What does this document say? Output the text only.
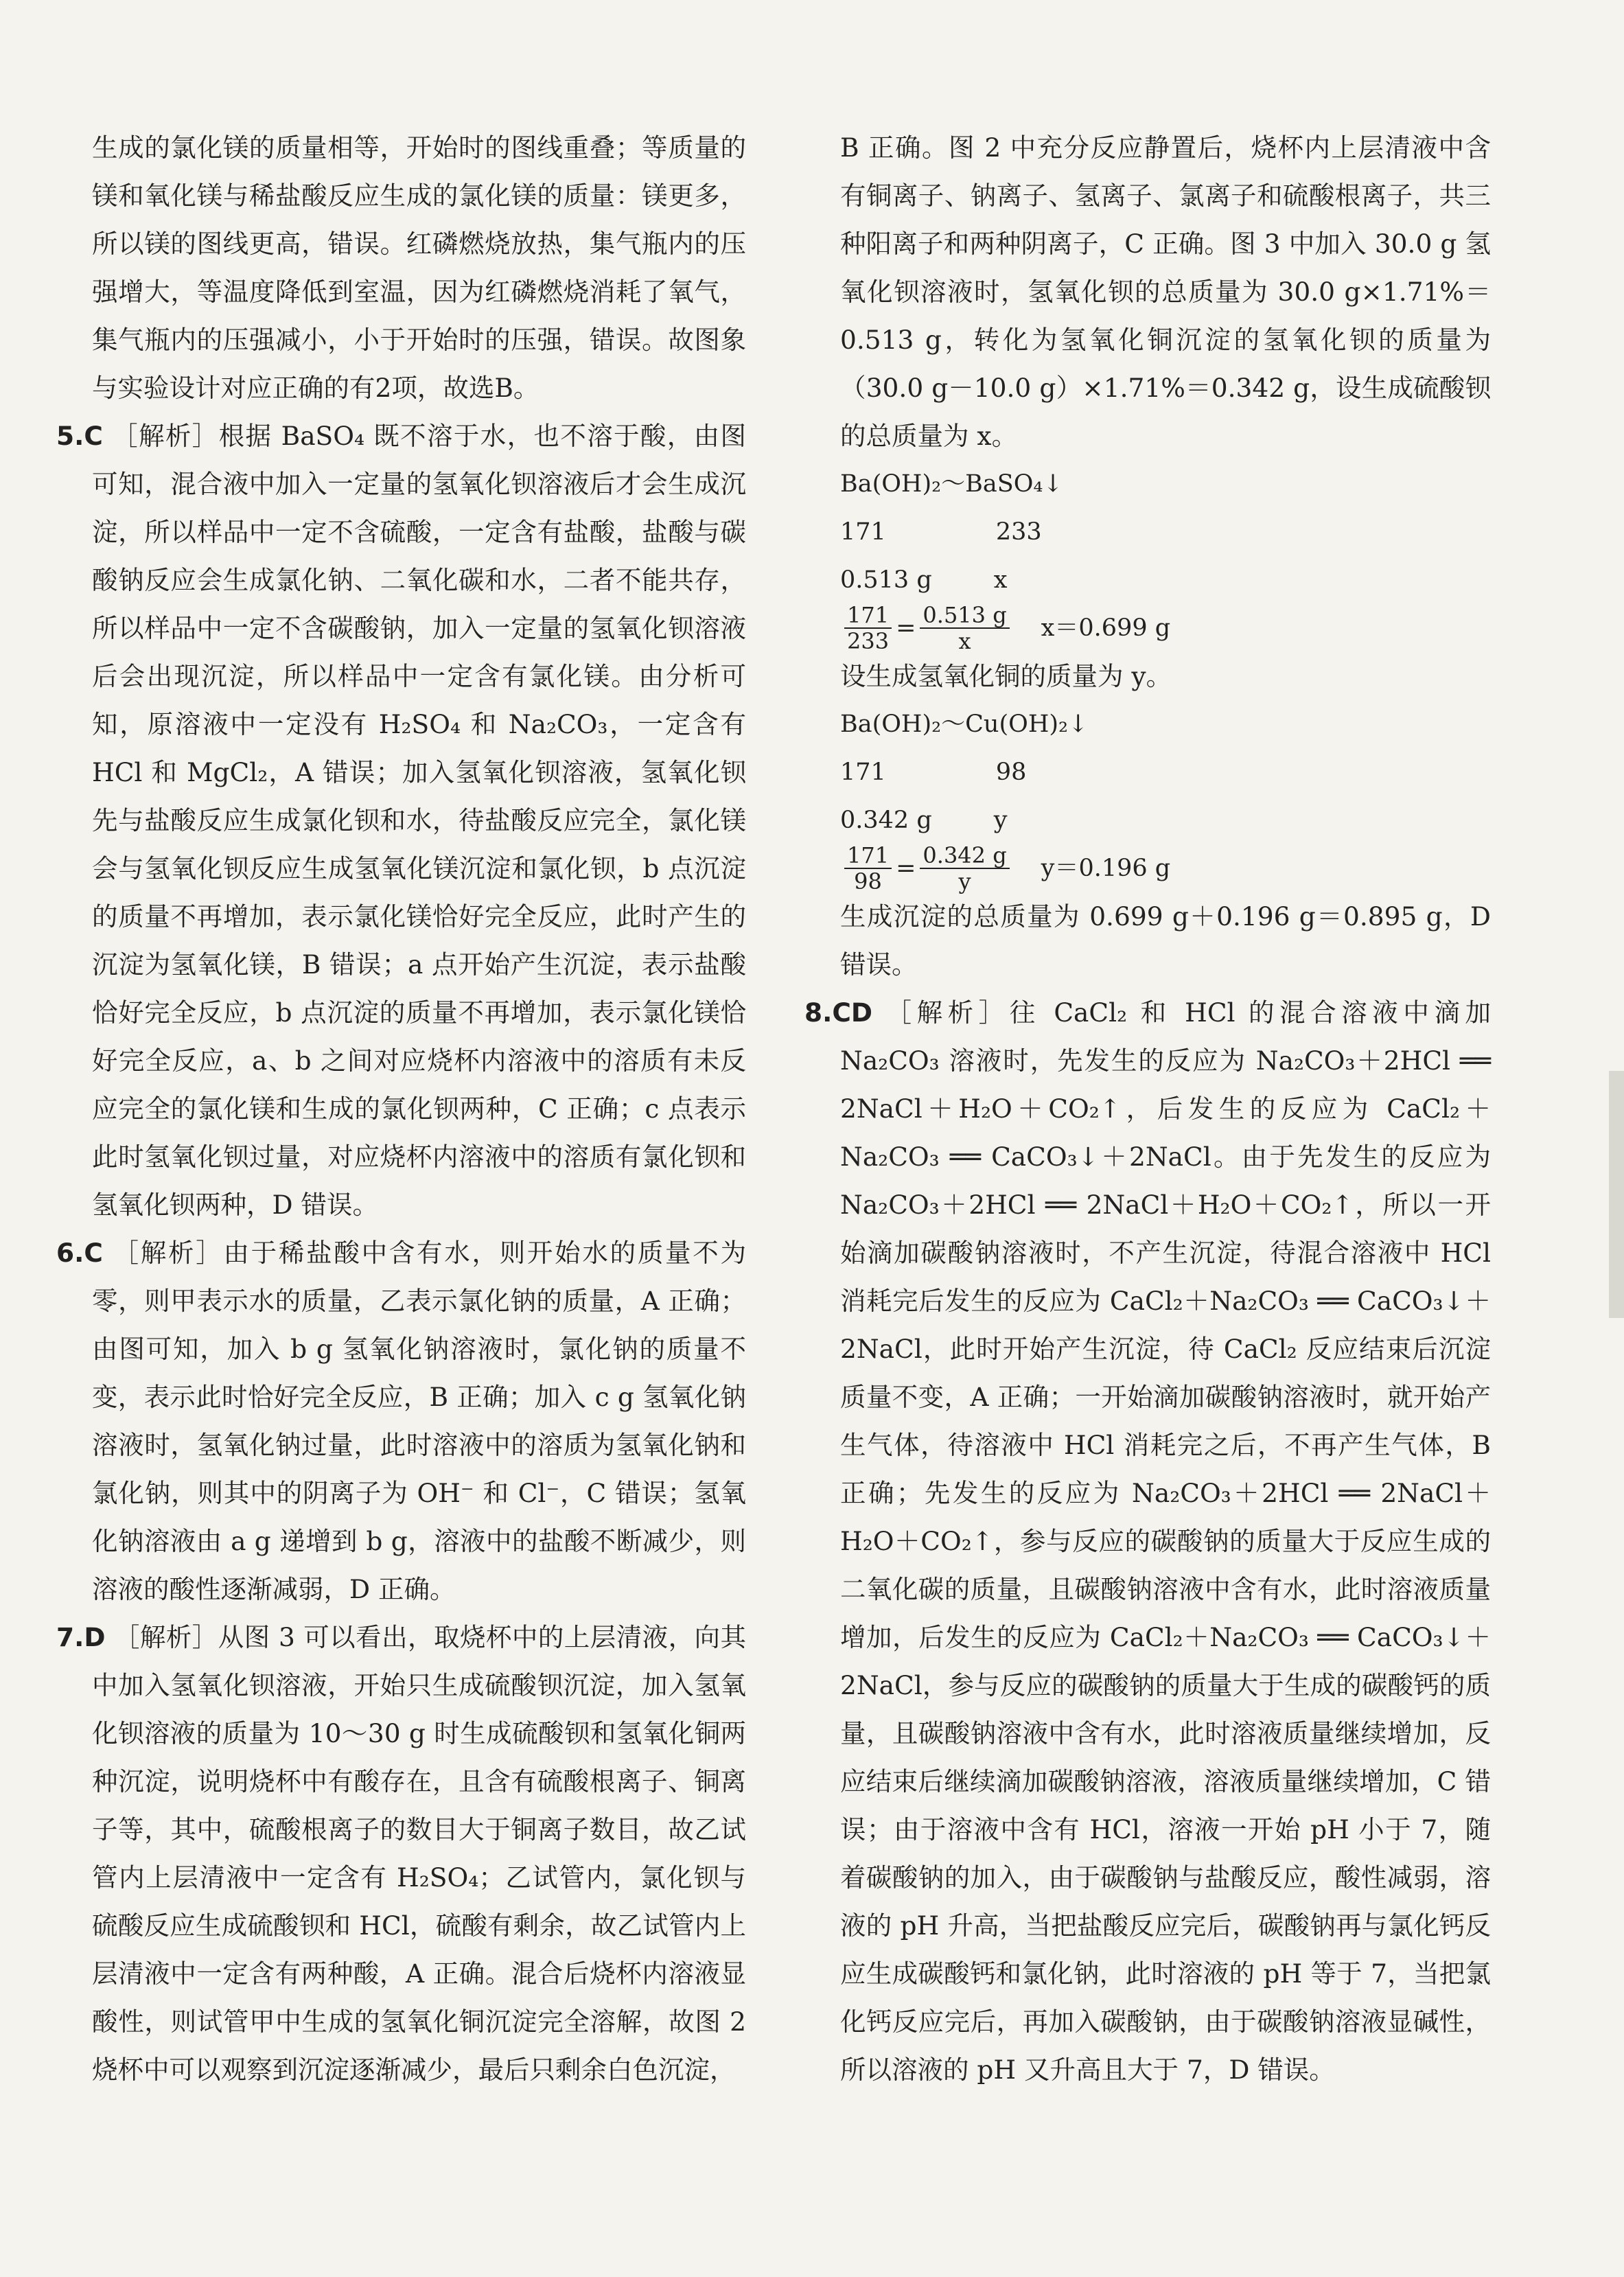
生成的氯化镁的质量相等，开始时的图线重叠；等质量的镁和氧化镁与稀盐酸反应生成的氯化镁的质量：镁更多，所以镁的图线更高，错误。红磷燃烧放热，集气瓶内的压强增大，等温度降低到室温，因为红磷燃烧消耗了氧气，集气瓶内的压强减小，小于开始时的压强，错误。故图象与实验设计对应正确的有2项，故选B。

5.C ［解析］根据 BaSO₄ 既不溶于水，也不溶于酸，由图可知，混合液中加入一定量的氢氧化钡溶液后才会生成沉淀，所以样品中一定不含硫酸，一定含有盐酸，盐酸与碳酸钠反应会生成氯化钠、二氧化碳和水，二者不能共存，所以样品中一定不含碳酸钠，加入一定量的氢氧化钡溶液后会出现沉淀，所以样品中一定含有氯化镁。由分析可知，原溶液中一定没有 H₂SO₄ 和 Na₂CO₃，一定含有 HCl 和 MgCl₂，A 错误；加入氢氧化钡溶液，氢氧化钡先与盐酸反应生成氯化钡和水，待盐酸反应完全，氯化镁会与氢氧化钡反应生成氢氧化镁沉淀和氯化钡，b 点沉淀的质量不再增加，表示氯化镁恰好完全反应，此时产生的沉淀为氢氧化镁，B 错误；a 点开始产生沉淀，表示盐酸恰好完全反应，b 点沉淀的质量不再增加，表示氯化镁恰好完全反应，a、b 之间对应烧杯内溶液中的溶质有未反应完全的氯化镁和生成的氯化钡两种，C 正确；c 点表示此时氢氧化钡过量，对应烧杯内溶液中的溶质有氯化钡和氢氧化钡两种，D 错误。

6.C ［解析］由于稀盐酸中含有水，则开始水的质量不为零，则甲表示水的质量，乙表示氯化钠的质量，A 正确；由图可知，加入 b g 氢氧化钠溶液时，氯化钠的质量不变，表示此时恰好完全反应，B 正确；加入 c g 氢氧化钠溶液时，氢氧化钠过量，此时溶液中的溶质为氢氧化钠和氯化钠，则其中的阴离子为 OH⁻ 和 Cl⁻，C 错误；氢氧化钠溶液由 a g 递增到 b g，溶液中的盐酸不断减少，则溶液的酸性逐渐减弱，D 正确。

7.D ［解析］从图 3 可以看出，取烧杯中的上层清液，向其中加入氢氧化钡溶液，开始只生成硫酸钡沉淀，加入氢氧化钡溶液的质量为 10～30 g 时生成硫酸钡和氢氧化铜两种沉淀，说明烧杯中有酸存在，且含有硫酸根离子、铜离子等，其中，硫酸根离子的数目大于铜离子数目，故乙试管内上层清液中一定含有 H₂SO₄；乙试管内，氯化钡与硫酸反应生成硫酸钡和 HCl，硫酸有剩余，故乙试管内上层清液中一定含有两种酸，A 正确。混合后烧杯内溶液显酸性，则试管甲中生成的氢氧化铜沉淀完全溶解，故图 2 烧杯中可以观察到沉淀逐渐减少，最后只剩余白色沉淀，

B 正确。图 2 中充分反应静置后，烧杯内上层清液中含有铜离子、钠离子、氢离子、氯离子和硫酸根离子，共三种阳离子和两种阴离子，C 正确。图 3 中加入 30.0 g 氢氧化钡溶液时，氢氧化钡的总质量为 30.0 g×1.71%＝0.513 g，转化为氢氧化铜沉淀的氢氧化钡的质量为（30.0 g－10.0 g）×1.71%＝0.342 g，设生成硫酸钡的总质量为 x。

Ba(OH)₂～BaSO₄↓

171	233

0.513 g	x

$\frac{171}{233} = \frac{0.513 g}{x} x=0.699$ g

设生成氢氧化铜的质量为 y。

Ba(OH)₂～Cu(OH)₂↓

171	98

0.342 g	y

$\frac{171}{98} = \frac{0.342 g}{y} y=0.196$ g

生成沉淀的总质量为 0.699 g＋0.196 g＝0.895 g，D 错误。

8.CD ［解析］往 CaCl₂ 和 HCl 的混合溶液中滴加 Na₂CO₃ 溶液时，先发生的反应为 Na₂CO₃＋2HCl ══ 2NaCl＋H₂O＋CO₂↑，后发生的反应为 CaCl₂＋Na₂CO₃ ══ CaCO₃↓＋2NaCl。由于先发生的反应为 Na₂CO₃＋2HCl ══ 2NaCl＋H₂O＋CO₂↑，所以一开始滴加碳酸钠溶液时，不产生沉淀，待混合溶液中 HCl 消耗完后发生的反应为 CaCl₂＋Na₂CO₃ ══ CaCO₃↓＋2NaCl，此时开始产生沉淀，待 CaCl₂ 反应结束后沉淀质量不变，A 正确；一开始滴加碳酸钠溶液时，就开始产生气体，待溶液中 HCl 消耗完之后，不再产生气体，B 正确；先发生的反应为 Na₂CO₃＋2HCl ══ 2NaCl＋H₂O＋CO₂↑，参与反应的碳酸钠的质量大于反应生成的二氧化碳的质量，且碳酸钠溶液中含有水，此时溶液质量增加，后发生的反应为 CaCl₂＋Na₂CO₃ ══ CaCO₃↓＋2NaCl，参与反应的碳酸钠的质量大于生成的碳酸钙的质量，且碳酸钠溶液中含有水，此时溶液质量继续增加，反应结束后继续滴加碳酸钠溶液，溶液质量继续增加，C 错误；由于溶液中含有 HCl，溶液一开始 pH 小于 7，随着碳酸钠的加入，由于碳酸钠与盐酸反应，酸性减弱，溶液的 pH 升高，当把盐酸反应完后，碳酸钠再与氯化钙反应生成碳酸钙和氯化钠，此时溶液的 pH 等于 7，当把氯化钙反应完后，再加入碳酸钠，由于碳酸钠溶液显碱性，所以溶液的 pH 又升高且大于 7，D 错误。
